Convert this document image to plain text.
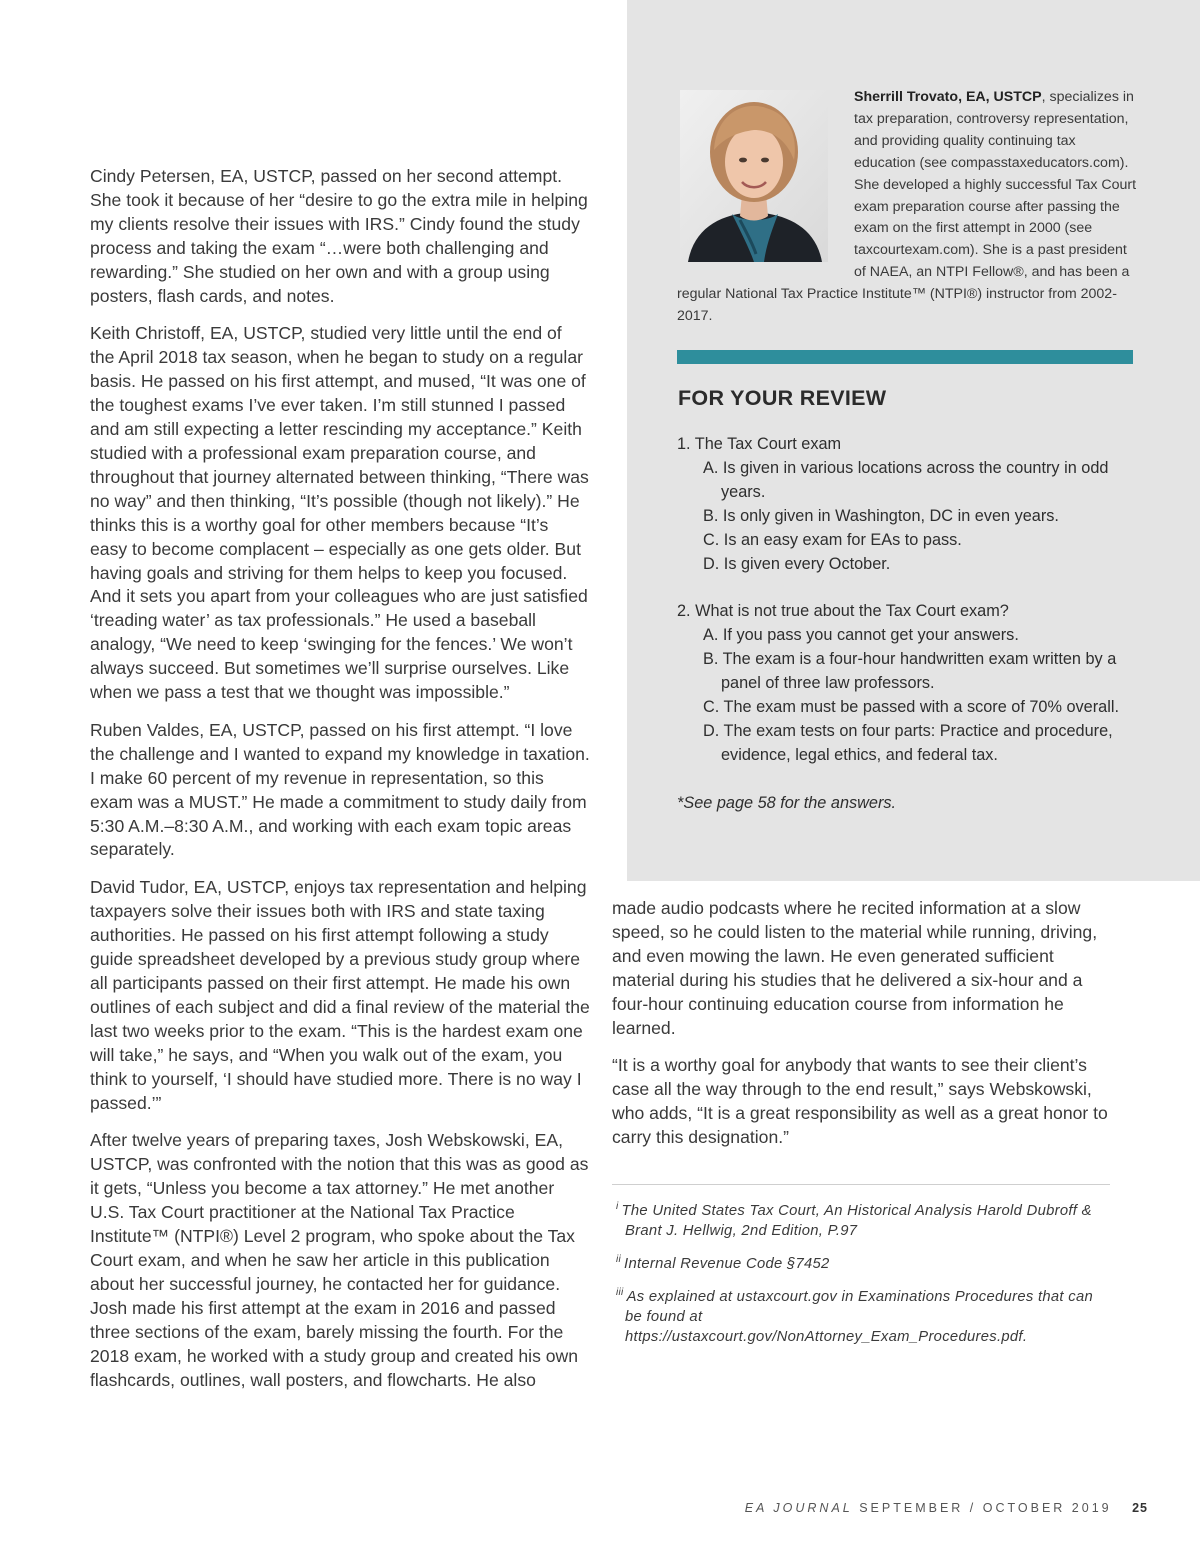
Sherrill Trovato, EA, USTCP, specializes in tax preparation, controversy representation, and providing quality continuing tax education (see compasstaxeducators.com). She developed a highly successful Tax Court exam preparation course after passing the exam on the first attempt in 2000 (see taxcourtexam.com). She is a past president of NAEA, an NTPI Fellow®, and has been a regular National Tax Practice Institute™ (NTPI®) instructor from 2002-2017.
FOR YOUR REVIEW

1. The Tax Court exam

A. Is given in various locations across the country in odd years.

B. Is only given in Washington, DC in even years.

C. Is an easy exam for EAs to pass.

D. Is given every October.

2. What is not true about the Tax Court exam?

A. If you pass you cannot get your answers.

B. The exam is a four-hour handwritten exam written by a panel of three law professors.

C. The exam must be passed with a score of 70% overall.

D. The exam tests on four parts: Practice and procedure, evidence, legal ethics, and federal tax.

*See page 58 for the answers.

Cindy Petersen, EA, USTCP, passed on her second attempt. She took it because of her “desire to go the extra mile in helping my clients resolve their issues with IRS.” Cindy found the study process and taking the exam “…were both challenging and rewarding.” She studied on her own and with a group using posters, flash cards, and notes.

Keith Christoff, EA, USTCP, studied very little until the end of the April 2018 tax season, when he began to study on a regular basis. He passed on his first attempt, and mused, “It was one of the toughest exams I’ve ever taken. I’m still stunned I passed and am still expecting a letter rescinding my acceptance.” Keith studied with a professional exam preparation course, and throughout that journey alternated between thinking, “There was no way” and then thinking, “It’s possible (though not likely).” He thinks this is a worthy goal for other members because “It’s easy to become complacent – especially as one gets older. But having goals and striving for them helps to keep you focused. And it sets you apart from your colleagues who are just satisfied ‘treading water’ as tax professionals.” He used a baseball analogy, “We need to keep ‘swinging for the fences.’ We won’t always succeed. But sometimes we’ll surprise ourselves. Like when we pass a test that we thought was impossible.”

Ruben Valdes, EA, USTCP, passed on his first attempt. “I love the challenge and I wanted to expand my knowledge in taxation. I make 60 percent of my revenue in representation, so this exam was a MUST.” He made a commitment to study daily from 5:30 A.M.–8:30 A.M., and working with each exam topic areas separately.

David Tudor, EA, USTCP, enjoys tax representation and helping taxpayers solve their issues both with IRS and state taxing authorities. He passed on his first attempt following a study guide spreadsheet developed by a previous study group where all participants passed on their first attempt. He made his own outlines of each subject and did a final review of the material the last two weeks prior to the exam. “This is the hardest exam one will take,” he says, and “When you walk out of the exam, you think to yourself, ‘I should have studied more. There is no way I passed.’”

After twelve years of preparing taxes, Josh Webskowski, EA, USTCP, was confronted with the notion that this was as good as it gets, “Unless you become a tax attorney.” He met another U.S. Tax Court practitioner at the National Tax Practice Institute™ (NTPI®) Level 2 program, who spoke about the Tax Court exam, and when he saw her article in this publication about her successful journey, he contacted her for guidance. Josh made his first attempt at the exam in 2016 and passed three sections of the exam, barely missing the fourth. For the 2018 exam, he worked with a study group and created his own flashcards, outlines, wall posters, and flowcharts. He also

made audio podcasts where he recited information at a slow speed, so he could listen to the material while running, driving, and even mowing the lawn. He even generated sufficient material during his studies that he delivered a six-hour and a four-hour continuing education course from information he learned.

“It is a worthy goal for anybody that wants to see their client’s case all the way through to the end result,” says Webskowski, who adds, “It is a great responsibility as well as a great honor to carry this designation.”

$^i$ The United States Tax Court, An Historical Analysis Harold Dubroff & Brant J. Hellwig, 2nd Edition, P.97

$^{ii}$ Internal Revenue Code §7452

$^{iii}$ As explained at ustaxcourt.gov in Examinations Procedures that can be found at https://ustaxcourt.gov/NonAttorney_Exam_Procedures.pdf.

EA JOURNAL SEPTEMBER / OCTOBER 2019 25
